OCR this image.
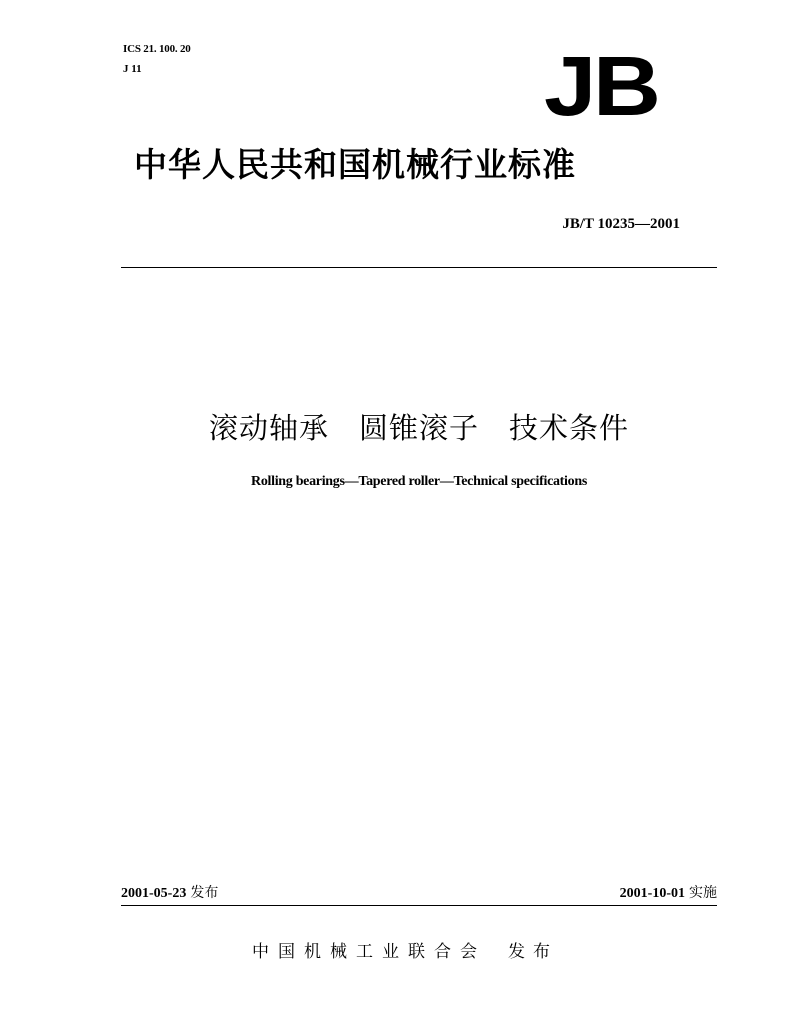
ICS 21. 100. 20
J 11	JB
中华人民共和国机械行业标准
JB/T 10235—2001
滚动轴承　圆锥滚子　技术条件
Rolling bearings—Tapered roller—Technical specifications
2001-05-23 发布	2001-10-01 实施
中国机械工业联合会 发布
